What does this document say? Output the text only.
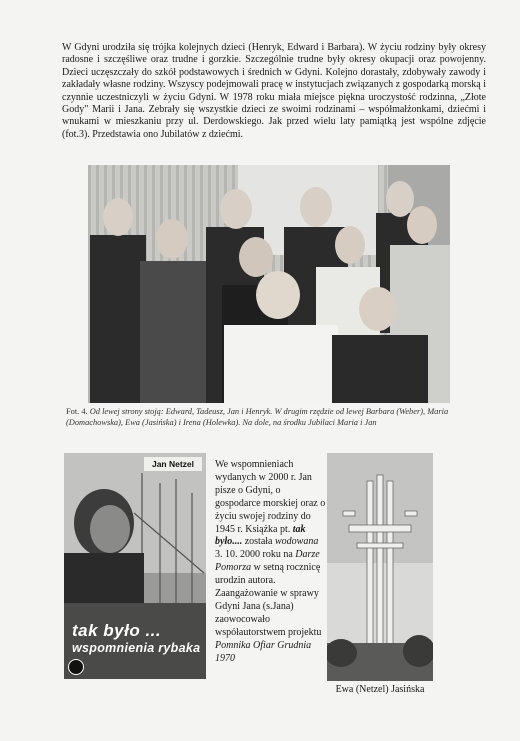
W Gdyni urodziła się trójka kolejnych dzieci (Henryk, Edward i Barbara). W życiu rodziny były okresy radosne i szczęśliwe oraz trudne i gorzkie. Szczególnie trudne były okresy okupacji oraz powojenny. Dzieci uczęszczały do szkół podstawowych i średnich w Gdyni. Kolejno dorastały, zdobywały zawody i zakładały własne rodziny. Wszyscy podejmowali pracę w instytucjach związanych z gospodarką morską i czynnie uczestniczyli w życiu Gdyni. W 1978 roku miała miejsce piękna uroczystość rodzinna, „Złote Gody" Marii i Jana. Zebrały się wszystkie dzieci ze swoimi rodzinami – współmałżonkami, dziećmi i wnukami w mieszkaniu przy ul. Derdowskiego. Jak przed wielu laty pamiątką jest wspólne zdjęcie (fot.3). Przedstawia ono Jubilatów z dziećmi.

Fot. 4. Od lewej strony stoją: Edward, Tadeusz, Jan i Henryk. W drugim rzędzie od lewej Barbara (Weber), Maria (Domachowska), Ewa (Jasińska) i Irena (Holewka). Na dole, na środku Jubilaci Maria i Jan
Jan Netzel
tak było ...
wspomnienia rybaka
We wspomnieniach wydanych w 2000 r. Jan pisze o Gdyni, o gospodarce morskiej oraz o życiu swojej rodziny do 1945 r. Książka pt. tak było.... została wodowana 3. 10. 2000 roku na Darze Pomorza w setną rocznicę urodzin autora. Zaangażowanie w sprawy Gdyni Jana (s.Jana) zaowocowało współautorstwem projektu Pomnika Ofiar Grudnia 1970
Ewa (Netzel) Jasińska
